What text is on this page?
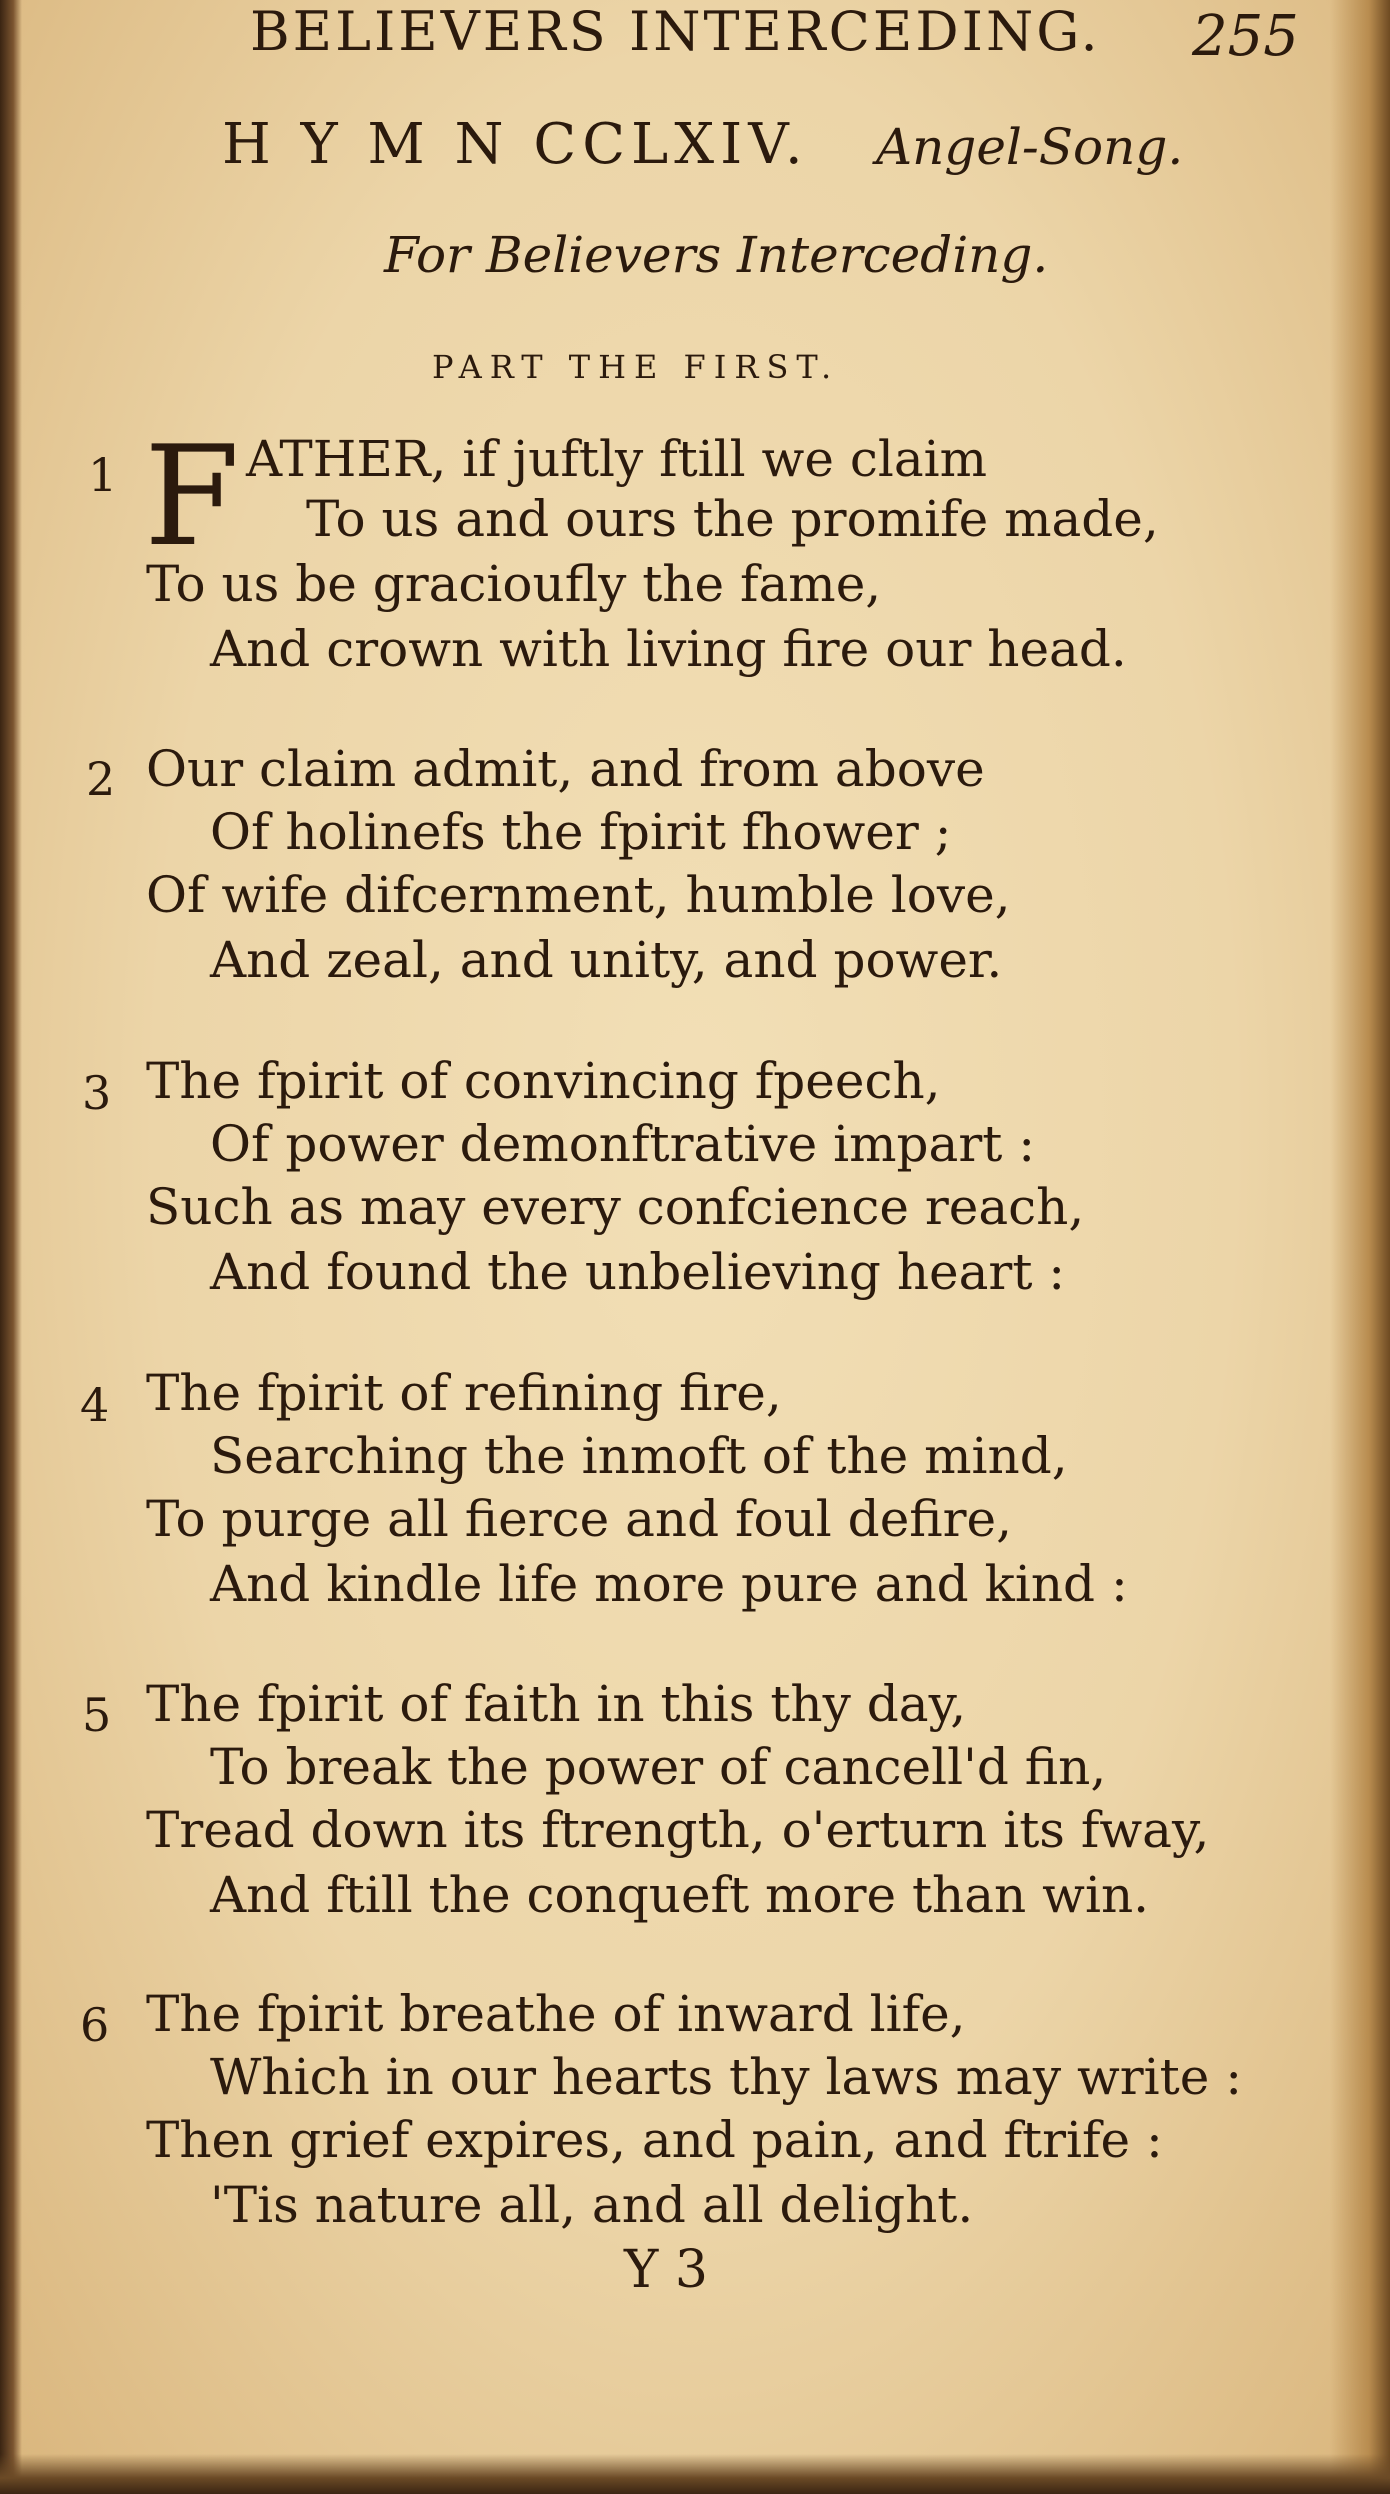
BELIEVERS INTERCEDING. 255
H Y M N CCLXIV. Angel-Song.
For Believers Interceding.
PART THE FIRST.
1 F ATHER, if juftly ftill we claim
To us and ours the promife made,
To us be gracioufly the fame,
And crown with living fire our head.
2 Our claim admit, and from above
Of holinefs the fpirit fhower ;
Of wife difcernment, humble love,
And zeal, and unity, and power.
3 The fpirit of convincing fpeech,
Of power demonftrative impart :
Such as may every confcience reach,
And found the unbelieving heart :
4 The fpirit of refining fire,
Searching the inmoft of the mind,
To purge all fierce and foul defire,
And kindle life more pure and kind :
5 The fpirit of faith in this thy day,
To break the power of cancell'd fin,
Tread down its ftrength, o'erturn its fway,
And ftill the conqueft more than win.
6 The fpirit breathe of inward life,
Which in our hearts thy laws may write :
Then grief expires, and pain, and ftrife :
'Tis nature all, and all delight.
Y 3
